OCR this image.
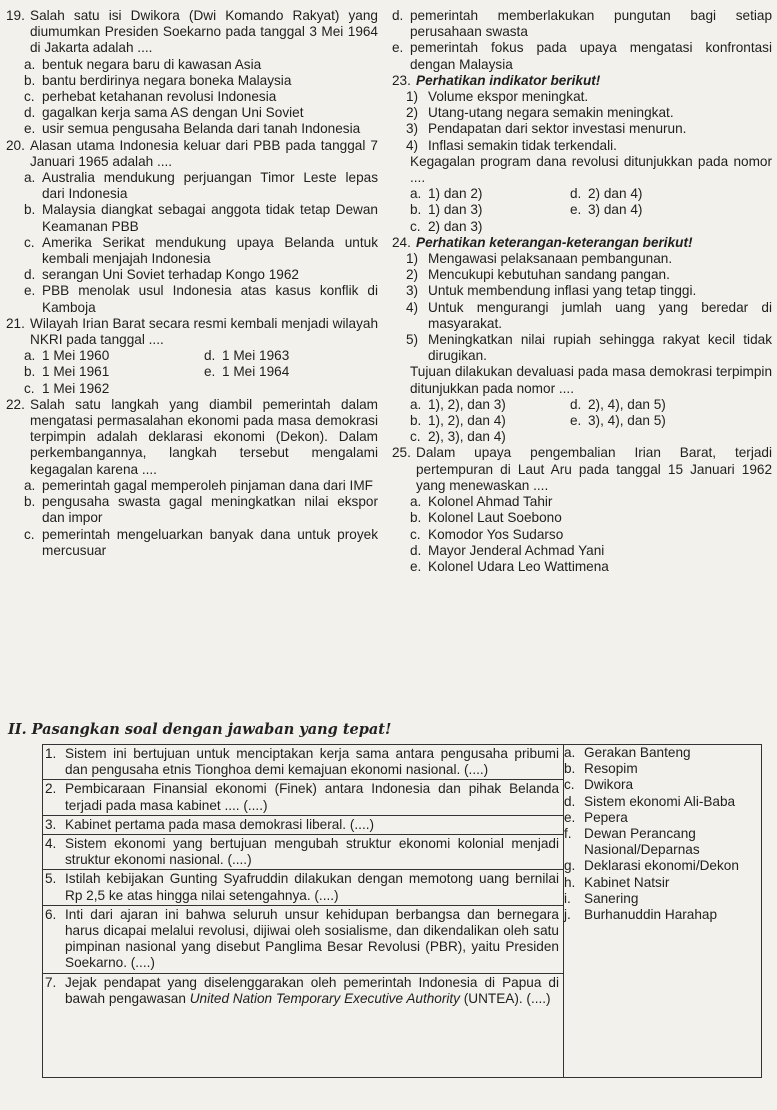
19. Salah satu isi Dwikora (Dwi Komando Rakyat) yang diumumkan Presiden Soekarno pada tanggal 3 Mei 1964 di Jakarta adalah ....
a. bentuk negara baru di kawasan Asia
b. bantu berdirinya negara boneka Malaysia
c. perhebat ketahanan revolusi Indonesia
d. gagalkan kerja sama AS dengan Uni Soviet
e. usir semua pengusaha Belanda dari tanah Indonesia
20. Alasan utama Indonesia keluar dari PBB pada tanggal 7 Januari 1965 adalah ....
a. Australia mendukung perjuangan Timor Leste lepas dari Indonesia
b. Malaysia diangkat sebagai anggota tidak tetap Dewan Keamanan PBB
c. Amerika Serikat mendukung upaya Belanda untuk kembali menjajah Indonesia
d. serangan Uni Soviet terhadap Kongo 1962
e. PBB menolak usul Indonesia atas kasus konflik di Kamboja
21. Wilayah Irian Barat secara resmi kembali menjadi wilayah NKRI pada tanggal ....
a. 1 Mei 1960	d. 1 Mei 1963
b. 1 Mei 1961	e. 1 Mei 1964
c. 1 Mei 1962
22. Salah satu langkah yang diambil pemerintah dalam mengatasi permasalahan ekonomi pada masa demokrasi terpimpin adalah deklarasi ekonomi (Dekon). Dalam perkembangannya, langkah tersebut mengalami kegagalan karena ....
a. pemerintah gagal memperoleh pinjaman dana dari IMF
b. pengusaha swasta gagal meningkatkan nilai ekspor dan impor
c. pemerintah mengeluarkan banyak dana untuk proyek mercusuar
d. pemerintah memberlakukan pungutan bagi setiap perusahaan swasta
e. pemerintah fokus pada upaya mengatasi konfrontasi dengan Malaysia
23. Perhatikan indikator berikut!
1) Volume ekspor meningkat.
2) Utang-utang negara semakin meningkat.
3) Pendapatan dari sektor investasi menurun.
4) Inflasi semakin tidak terkendali.
Kegagalan program dana revolusi ditunjukkan pada nomor ....
a. 1) dan 2)	d. 2) dan 4)
b. 1) dan 3)	e. 3) dan 4)
c. 2) dan 3)
24. Perhatikan keterangan-keterangan berikut!
1) Mengawasi pelaksanaan pembangunan.
2) Mencukupi kebutuhan sandang pangan.
3) Untuk membendung inflasi yang tetap tinggi.
4) Untuk mengurangi jumlah uang yang beredar di masyarakat.
5) Meningkatkan nilai rupiah sehingga rakyat kecil tidak dirugikan.
Tujuan dilakukan devaluasi pada masa demokrasi terpimpin ditunjukkan pada nomor ....
a. 1), 2), dan 3)	d. 2), 4), dan 5)
b. 1), 2), dan 4)	e. 3), 4), dan 5)
c. 2), 3), dan 4)
25. Dalam upaya pengembalian Irian Barat, terjadi pertempuran di Laut Aru pada tanggal 15 Januari 1962 yang menewaskan ....
a. Kolonel Ahmad Tahir
b. Kolonel Laut Soebono
c. Komodor Yos Sudarso
d. Mayor Jenderal Achmad Yani
e. Kolonel Udara Leo Wattimena
II. Pasangkan soal dengan jawaban yang tepat!
1. Sistem ini bertujuan untuk menciptakan kerja sama antara pengusaha pribumi dan pengusaha etnis Tionghoa demi kemajuan ekonomi nasional. (....)
2. Pembicaraan Finansial ekonomi (Finek) antara Indonesia dan pihak Belanda terjadi pada masa kabinet .... (....)
3. Kabinet pertama pada masa demokrasi liberal. (....)
4. Sistem ekonomi yang bertujuan mengubah struktur ekonomi kolonial menjadi struktur ekonomi nasional. (....)
5. Istilah kebijakan Gunting Syafruddin dilakukan dengan memotong uang bernilai Rp 2,5 ke atas hingga nilai setengahnya. (....)
6. Inti dari ajaran ini bahwa seluruh unsur kehidupan berbangsa dan bernegara harus dicapai melalui revolusi, dijiwai oleh sosialisme, dan dikendalikan oleh satu pimpinan nasional yang disebut Panglima Besar Revolusi (PBR), yaitu Presiden Soekarno. (....)
7. Jejak pendapat yang diselenggarakan oleh pemerintah Indonesia di Papua di bawah pengawasan United Nation Temporary Executive Authority (UNTEA). (....)

a. Gerakan Banteng
b. Resopim
c. Dwikora
d. Sistem ekonomi Ali-Baba
e. Pepera
f. Dewan Perancang Nasional/Deparnas
g. Deklarasi ekonomi/Dekon
h. Kabinet Natsir
i. Sanering
j. Burhanuddin Harahap
